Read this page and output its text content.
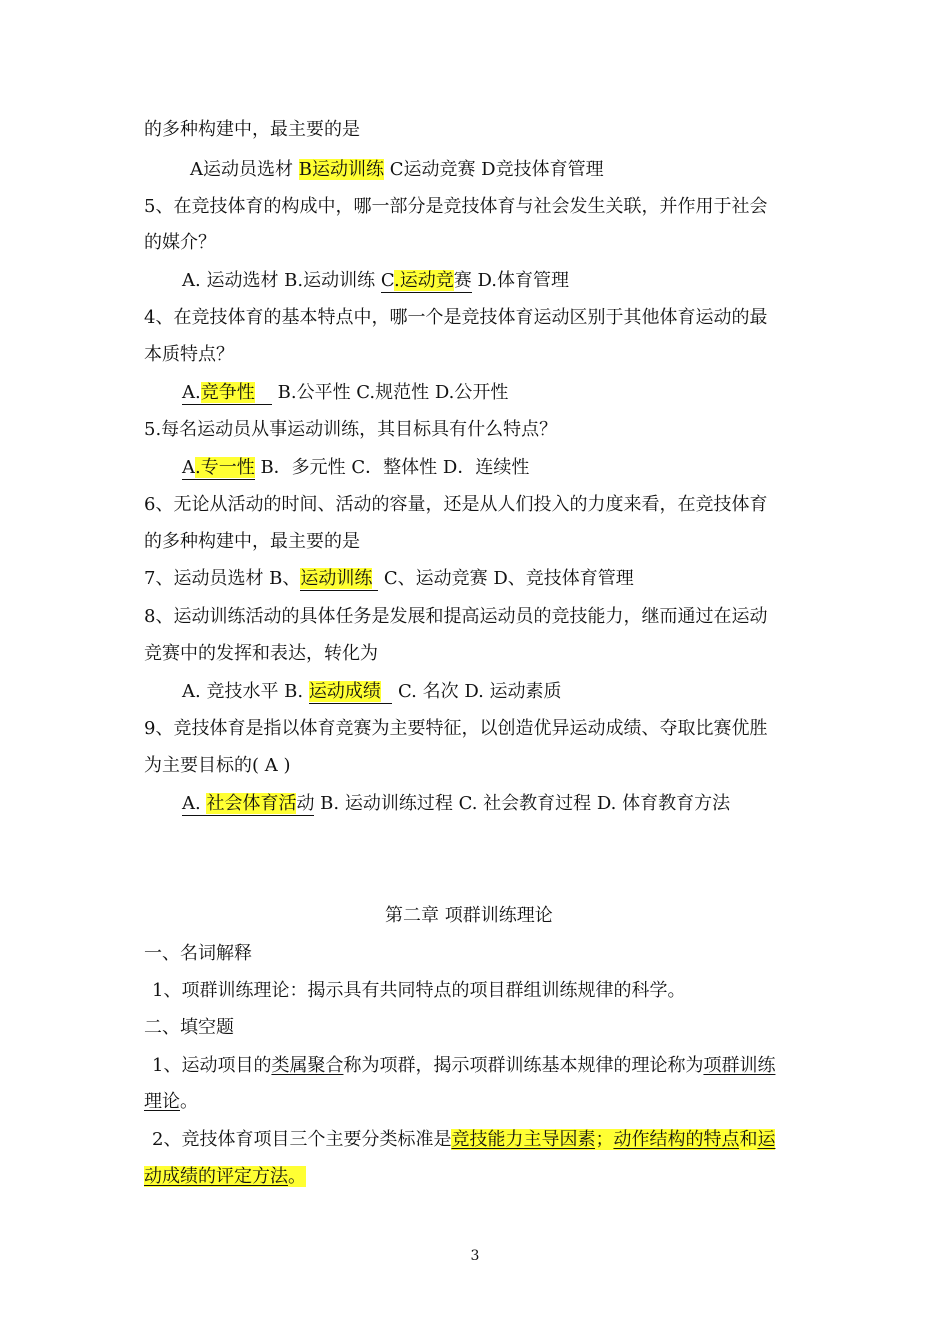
的多种构建中，最主要的是
A运动员选材 B运动训练 C运动竞赛 D竞技体育管理
5、在竞技体育的构成中，哪一部分是竞技体育与社会发生关联，并作用于社会
的媒介？
A. 运动选材 B.运动训练 C.运动竞赛 D.体育管理
4、在竞技体育的基本特点中，哪一个是竞技体育运动区别于其他体育运动的最
本质特点？
A.竞争性    B.公平性 C.规范性 D.公开性
5.每名运动员从事运动训练，其目标具有什么特点？
A.专一性 B．多元性 C．整体性 D．连续性
6、无论从活动的时间、活动的容量，还是从人们投入的力度来看，在竞技体育
的多种构建中，最主要的是
7、运动员选材 B、运动训练  C、运动竞赛 D、竞技体育管理
8、运动训练活动的具体任务是发展和提高运动员的竞技能力，继而通过在运动
竞赛中的发挥和表达，转化为
A. 竞技水平 B. 运动成绩   C. 名次 D. 运动素质
9、竞技体育是指以体育竞赛为主要特征，以创造优异运动成绩、夺取比赛优胜
为主要目标的( A )
A. 社会体育活动 B. 运动训练过程 C. 社会教育过程 D. 体育教育方法
第二章 项群训练理论
一、名词解释
1、项群训练理论：揭示具有共同特点的项目群组训练规律的科学。
二、填空题
1、运动项目的类属聚合称为项群，揭示项群训练基本规律的理论称为项群训练
理论。
2、竞技体育项目三个主要分类标准是竞技能力主导因素；动作结构的特点和运
动成绩的评定方法。
3
